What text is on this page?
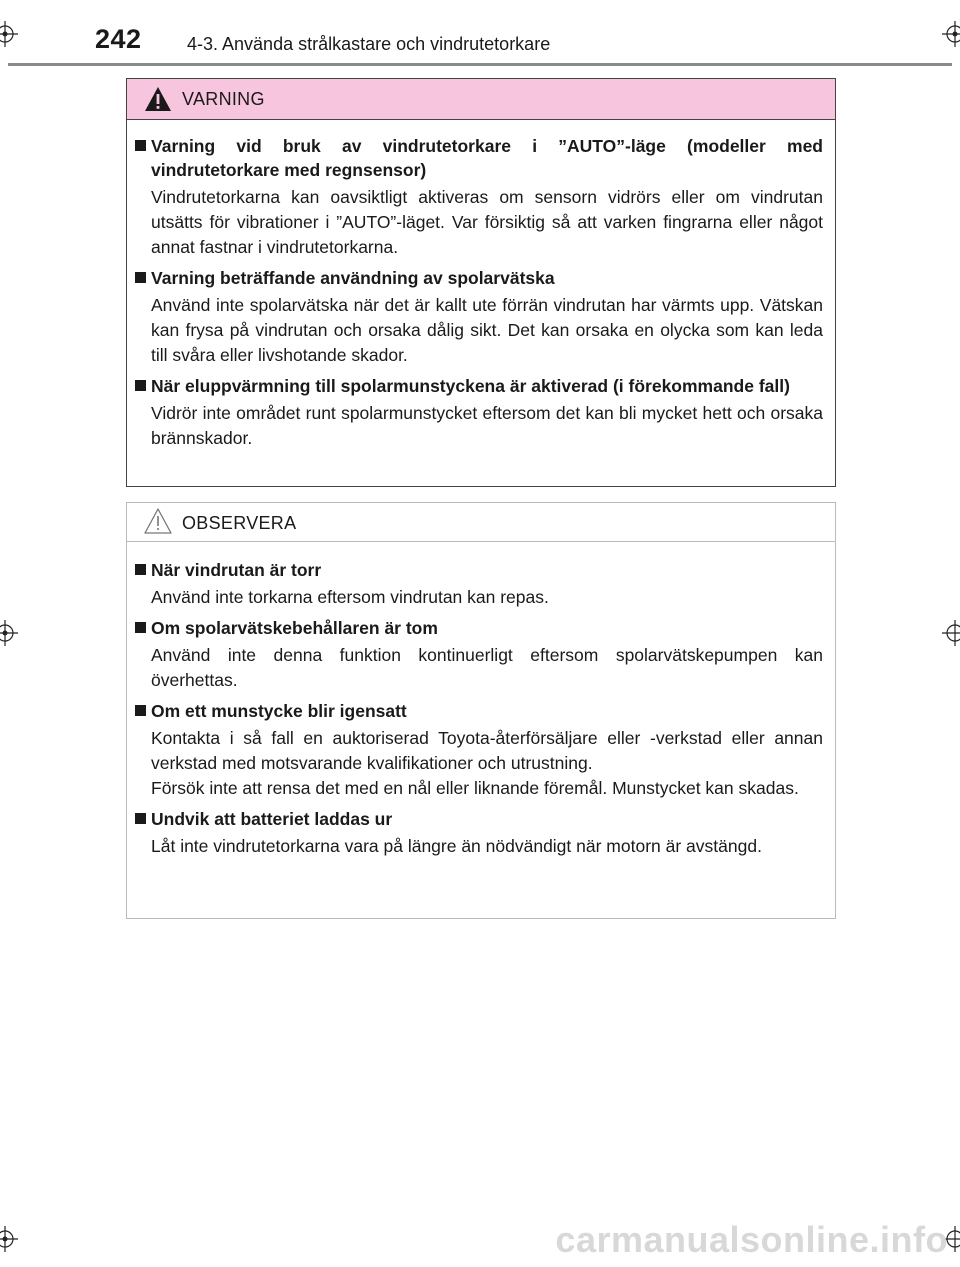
242	4-3. Använda strålkastare och vindrutetorkare
VARNING
Varning vid bruk av vindrutetorkare i ”AUTO”-läge (modeller med vindrutetorkare med regnsensor)
Vindrutetorkarna kan oavsiktligt aktiveras om sensorn vidrörs eller om vindrutan utsätts för vibrationer i ”AUTO”-läget. Var försiktig så att varken fingrarna eller något annat fastnar i vindrutetorkarna.
Varning beträffande användning av spolarvätska
Använd inte spolarvätska när det är kallt ute förrän vindrutan har värmts upp. Vätskan kan frysa på vindrutan och orsaka dålig sikt. Det kan orsaka en olycka som kan leda till svåra eller livshotande skador.
När eluppvärmning till spolarmunstyckena är aktiverad (i förekommande fall)
Vidrör inte området runt spolarmunstycket eftersom det kan bli mycket hett och orsaka brännskador.
OBSERVERA
När vindrutan är torr
Använd inte torkarna eftersom vindrutan kan repas.
Om spolarvätskebehållaren är tom
Använd inte denna funktion kontinuerligt eftersom spolarvätskepumpen kan överhettas.
Om ett munstycke blir igensatt
Kontakta i så fall en auktoriserad Toyota-återförsäljare eller -verkstad eller annan verkstad med motsvarande kvalifikationer och utrustning.
Försök inte att rensa det med en nål eller liknande föremål. Munstycket kan skadas.
Undvik att batteriet laddas ur
Låt inte vindrutetorkarna vara på längre än nödvändigt när motorn är avstängd.
carmanualsonline.info
